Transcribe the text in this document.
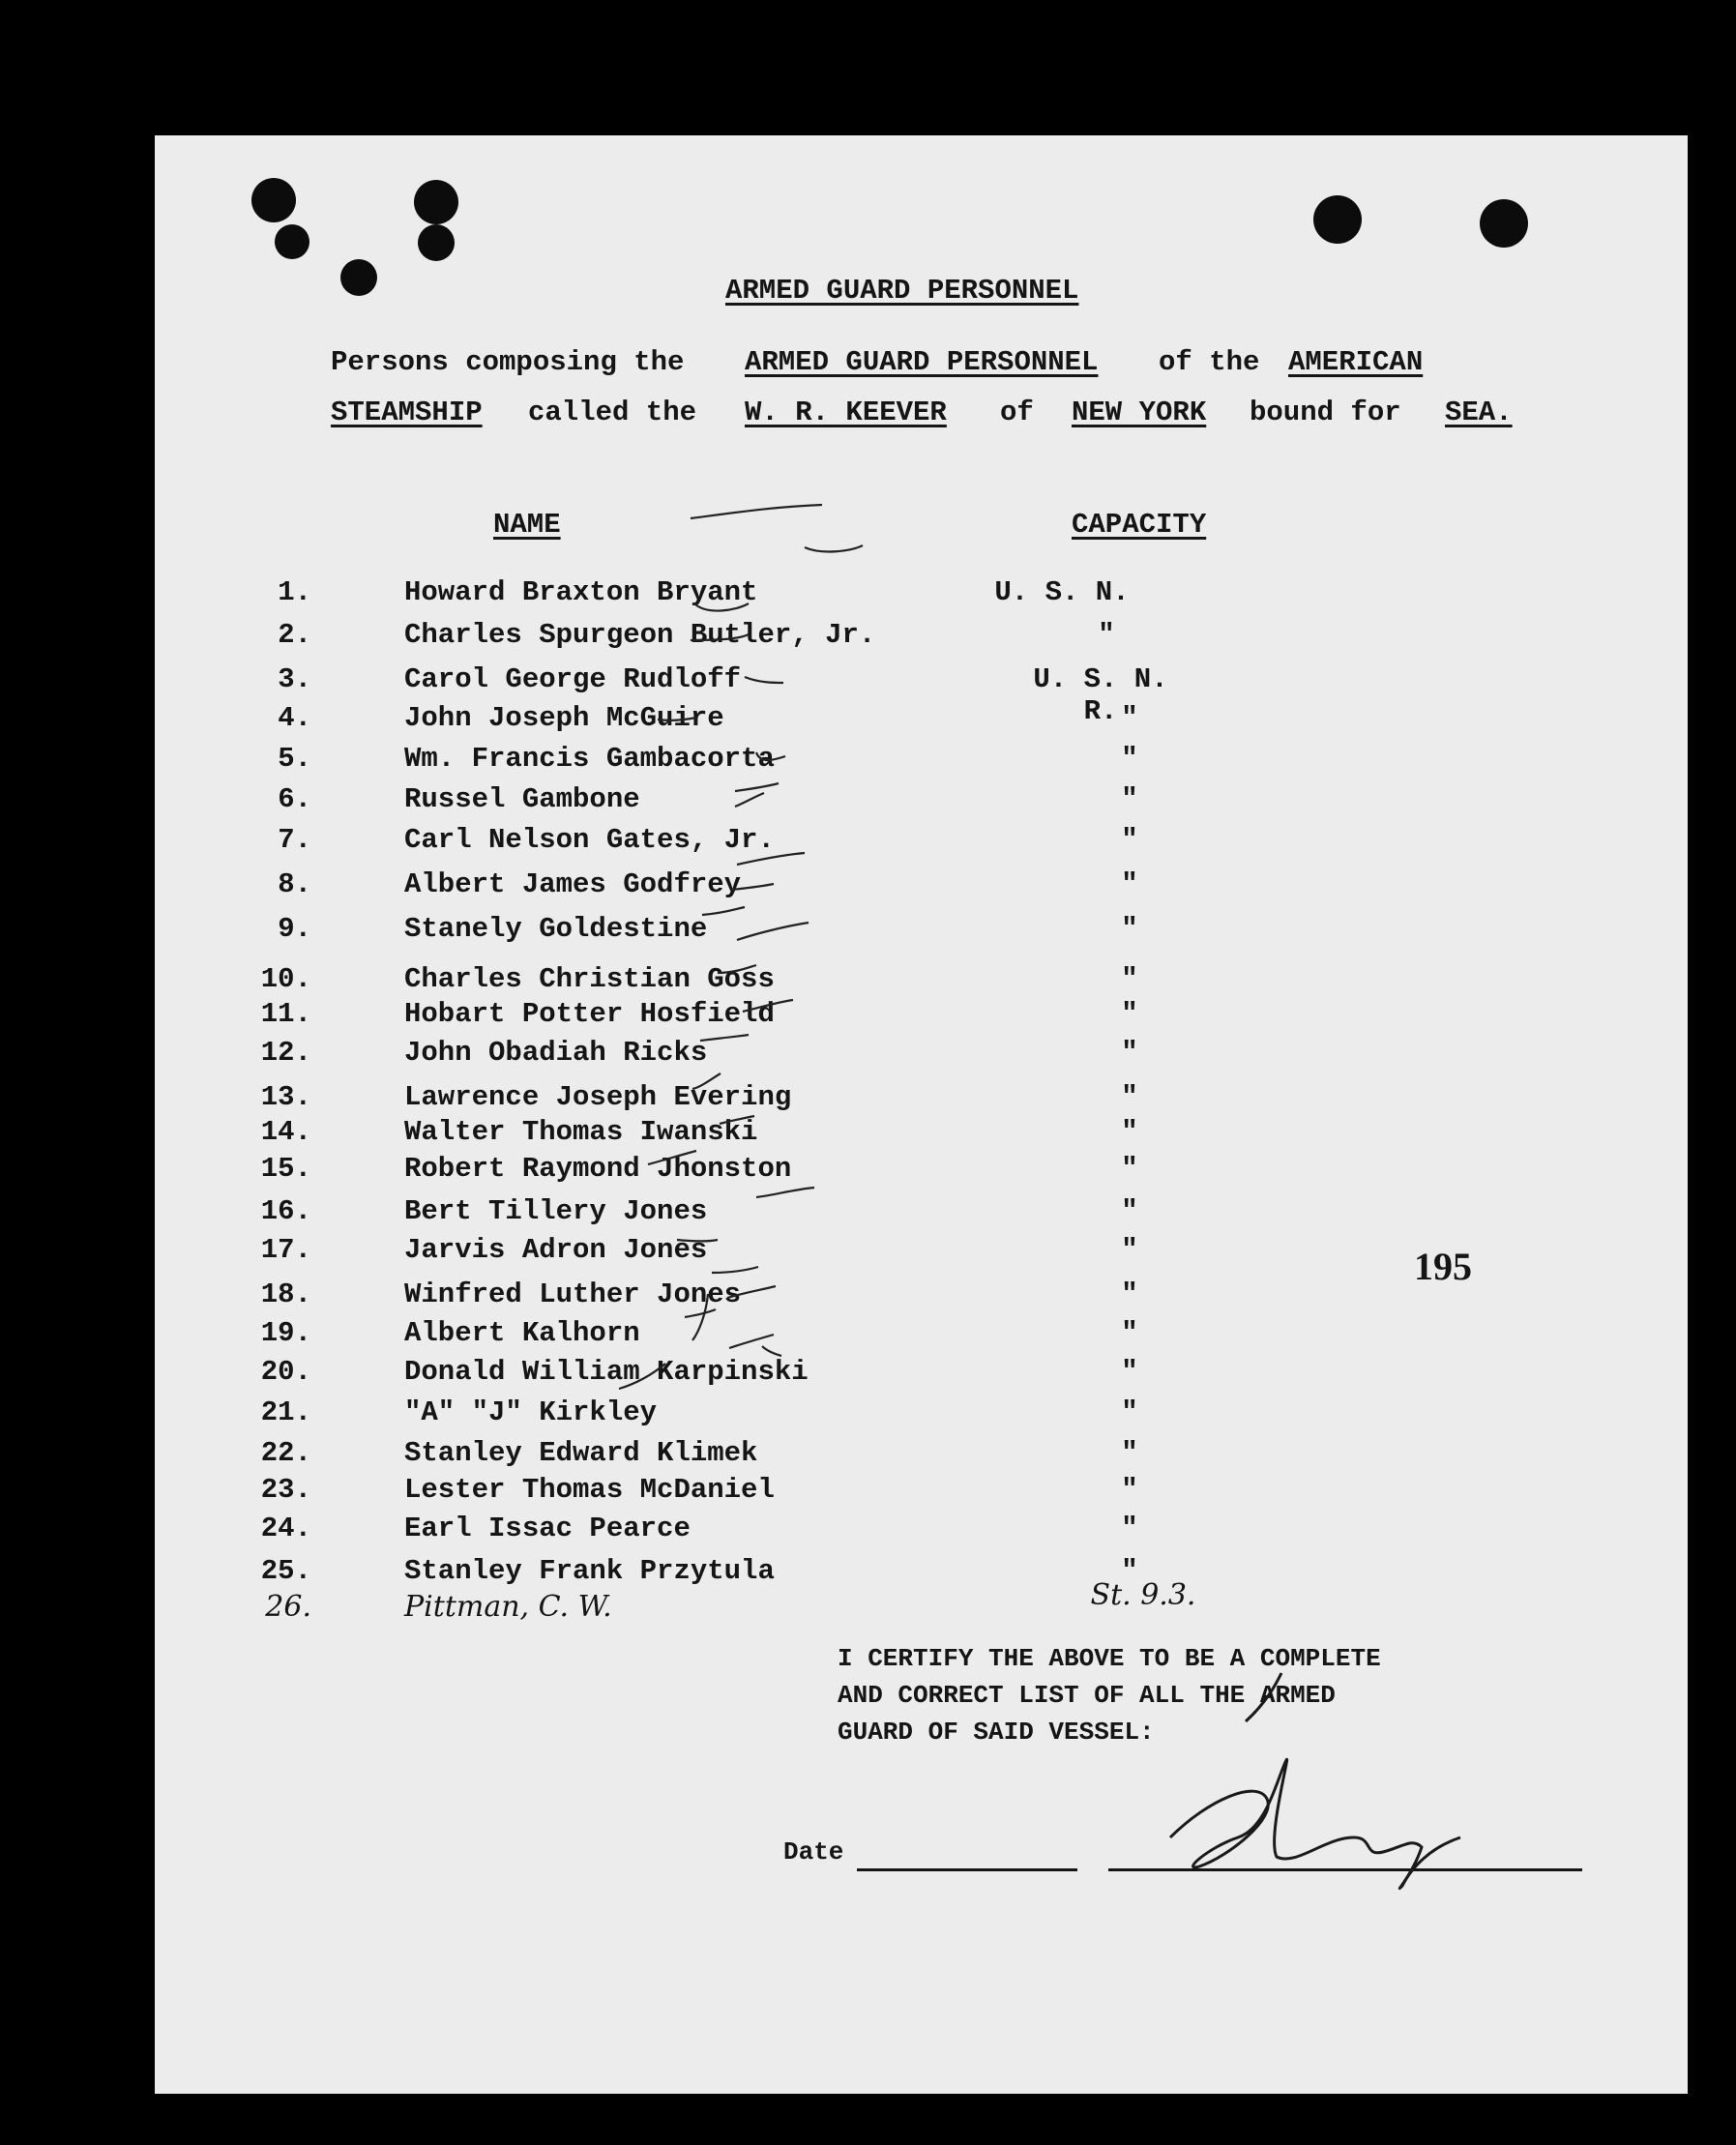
ARMED GUARD PERSONNEL
Persons composing the ARMED GUARD PERSONNEL of the AMERICAN
STEAMSHIP called the W. R. KEEVER of NEW YORK bound for SEA.
NAME	CAPACITY
1.	Howard Braxton Bryant	U. S. N.
2.	Charles Spurgeon Butler, Jr.	"
3.	Carol George Rudloff	U. S. N. R.
4.	John Joseph McGuire	"
5.	Wm. Francis Gambacorta	"
6.	Russel Gambone	"
7.	Carl Nelson Gates, Jr.	"
8.	Albert James Godfrey	"
9.	Stanely Goldestine	"
10.	Charles Christian Goss	"
11.	Hobart Potter Hosfield	"
12.	John Obadiah Ricks	"
13.	Lawrence Joseph Evering	"
14.	Walter Thomas Iwanski	"
15.	Robert Raymond Jhonston	"
16.	Bert Tillery Jones	"
17.	Jarvis Adron Jones	"
18.	Winfred Luther Jones	"
19.	Albert Kalhorn	"
20.	Donald William Karpinski	"
21.	"A" "J" Kirkley	"
22.	Stanley Edward Klimek	"
23.	Lester Thomas McDaniel	"
24.	Earl Issac Pearce	"
25.	Stanley Frank Przytula	"
26.	Pittman, C. W.	St. 9.3.
195
I CERTIFY THE ABOVE TO BE A COMPLETE
AND CORRECT LIST OF ALL THE ARMED
GUARD OF SAID VESSEL:
Date
